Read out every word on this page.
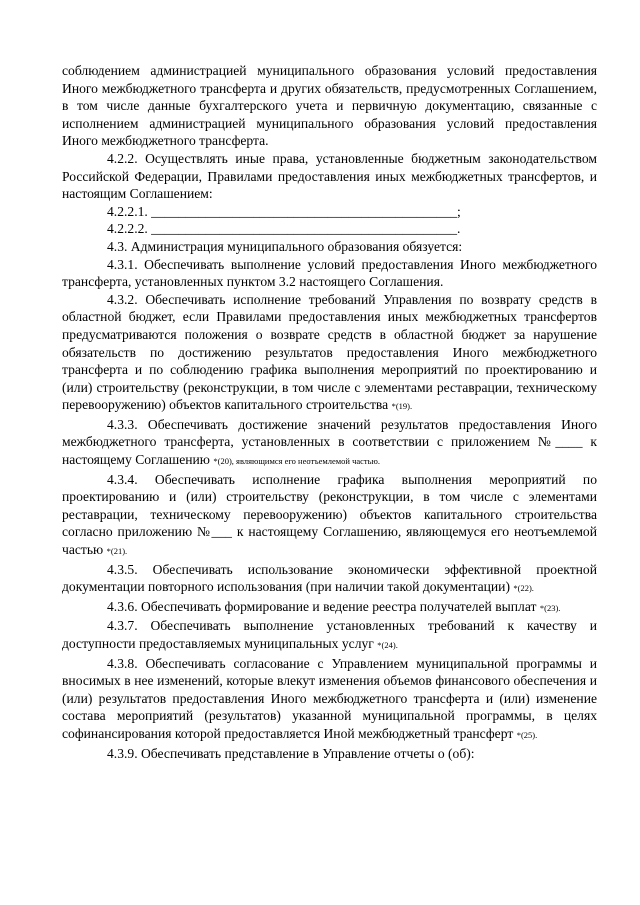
соблюдением администрацией муниципального образования условий предоставления Иного межбюджетного трансферта и других обязательств, предусмотренных Соглашением, в том числе данные бухгалтерского учета и первичную документацию, связанные с исполнением администрацией муниципального образования условий предоставления Иного межбюджетного трансферта.

4.2.2. Осуществлять иные права, установленные бюджетным законодательством Российской Федерации, Правилами предоставления иных межбюджетных трансфертов, и настоящим Соглашением:

4.2.2.1. _____________________________________________;

4.2.2.2. _____________________________________________.

4.3. Администрация муниципального образования обязуется:

4.3.1. Обеспечивать выполнение условий предоставления Иного межбюджетного трансферта, установленных пунктом 3.2 настоящего Соглашения.

4.3.2. Обеспечивать исполнение требований Управления по возврату средств в областной бюджет, если Правилами предоставления иных межбюджетных трансфертов предусматриваются положения о возврате средств в областной бюджет за нарушение обязательств по достижению результатов предоставления Иного межбюджетного трансферта и по соблюдению графика выполнения мероприятий по проектированию и (или) строительству (реконструкции, в том числе с элементами реставрации, техническому перевооружению) объектов капитального строительства *(19).

4.3.3. Обеспечивать достижение значений результатов предоставления Иного межбюджетного трансферта, установленных в соответствии с приложением №____ к настоящему Соглашению *(20), являющимся его неотъемлемой частью.

4.3.4. Обеспечивать исполнение графика выполнения мероприятий по проектированию и (или) строительству (реконструкции, в том числе с элементами реставрации, техническому перевооружению) объектов капитального строительства согласно приложению №___ к настоящему Соглашению, являющемуся его неотъемлемой частью *(21).

4.3.5. Обеспечивать использование экономически эффективной проектной документации повторного использования (при наличии такой документации) *(22).

4.3.6. Обеспечивать формирование и ведение реестра получателей выплат *(23).

4.3.7. Обеспечивать выполнение установленных требований к качеству и доступности предоставляемых муниципальных услуг *(24).

4.3.8. Обеспечивать согласование с Управлением муниципальной программы и вносимых в нее изменений, которые влекут изменения объемов финансового обеспечения и (или) результатов предоставления Иного межбюджетного трансферта и (или) изменение состава мероприятий (результатов) указанной муниципальной программы, в целях софинансирования которой предоставляется Иной межбюджетный трансферт *(25).

4.3.9. Обеспечивать представление в Управление отчеты о (об):
